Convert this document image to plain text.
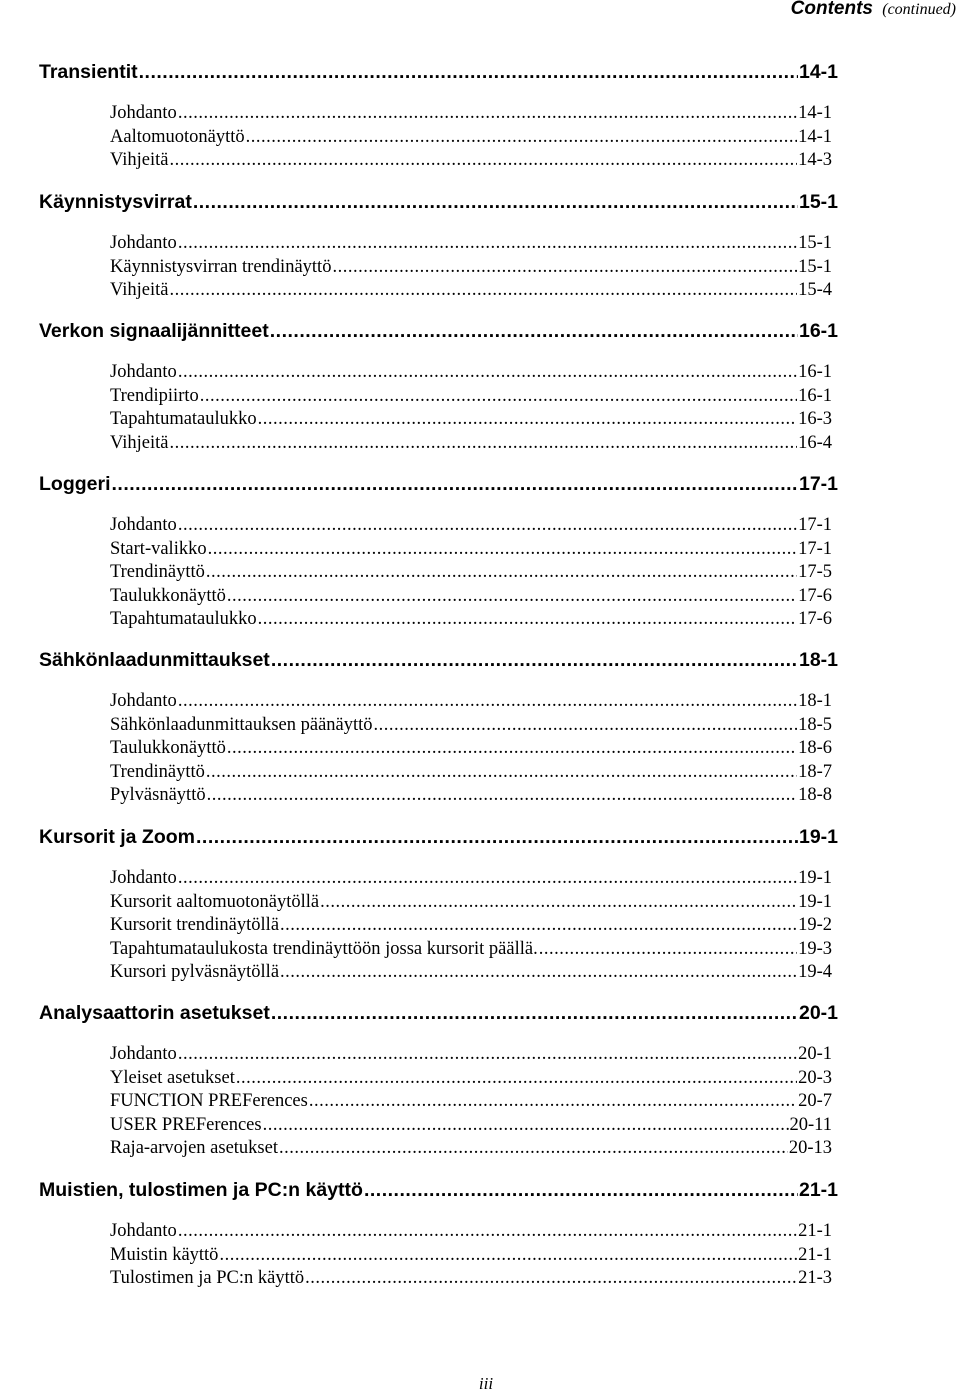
Contents (continued)
Transientit .....	14-1
Johdanto .....	14-1
Aaltomuotonäyttö .....	14-1
Vihjeitä .....	14-3
Käynnistysvirrat .....	15-1
Johdanto .....	15-1
Käynnistysvirran trendinäyttö .....	15-1
Vihjeitä .....	15-4
Verkon signaalijännitteet .....	16-1
Johdanto .....	16-1
Trendipiirto .....	16-1
Tapahtumataulukko .....	16-3
Vihjeitä .....	16-4
Loggeri .....	17-1
Johdanto .....	17-1
Start-valikko .....	17-1
Trendinäyttö .....	17-5
Taulukkonäyttö .....	17-6
Tapahtumataulukko .....	17-6
Sähkönlaadunmittaukset .....	18-1
Johdanto .....	18-1
Sähkönlaadunmittauksen päänäyttö .....	18-5
Taulukkonäyttö .....	18-6
Trendinäyttö .....	18-7
Pylväsnäyttö .....	18-8
Kursorit ja Zoom .....	19-1
Johdanto .....	19-1
Kursorit aaltomuotonäytöllä .....	19-1
Kursorit trendinäytöllä .....	19-2
Tapahtumataulukosta trendinäyttöön jossa kursorit päällä. .....	19-3
Kursori pylväsnäytöllä .....	19-4
Analysaattorin asetukset .....	20-1
Johdanto .....	20-1
Yleiset asetukset .....	20-3
FUNCTION PREFerences .....	20-7
USER PREFerences .....	20-11
Raja-arvojen asetukset .....	20-13
Muistien, tulostimen ja PC:n käyttö .....	21-1
Johdanto .....	21-1
Muistin käyttö .....	21-1
Tulostimen ja PC:n käyttö .....	21-3
iii
